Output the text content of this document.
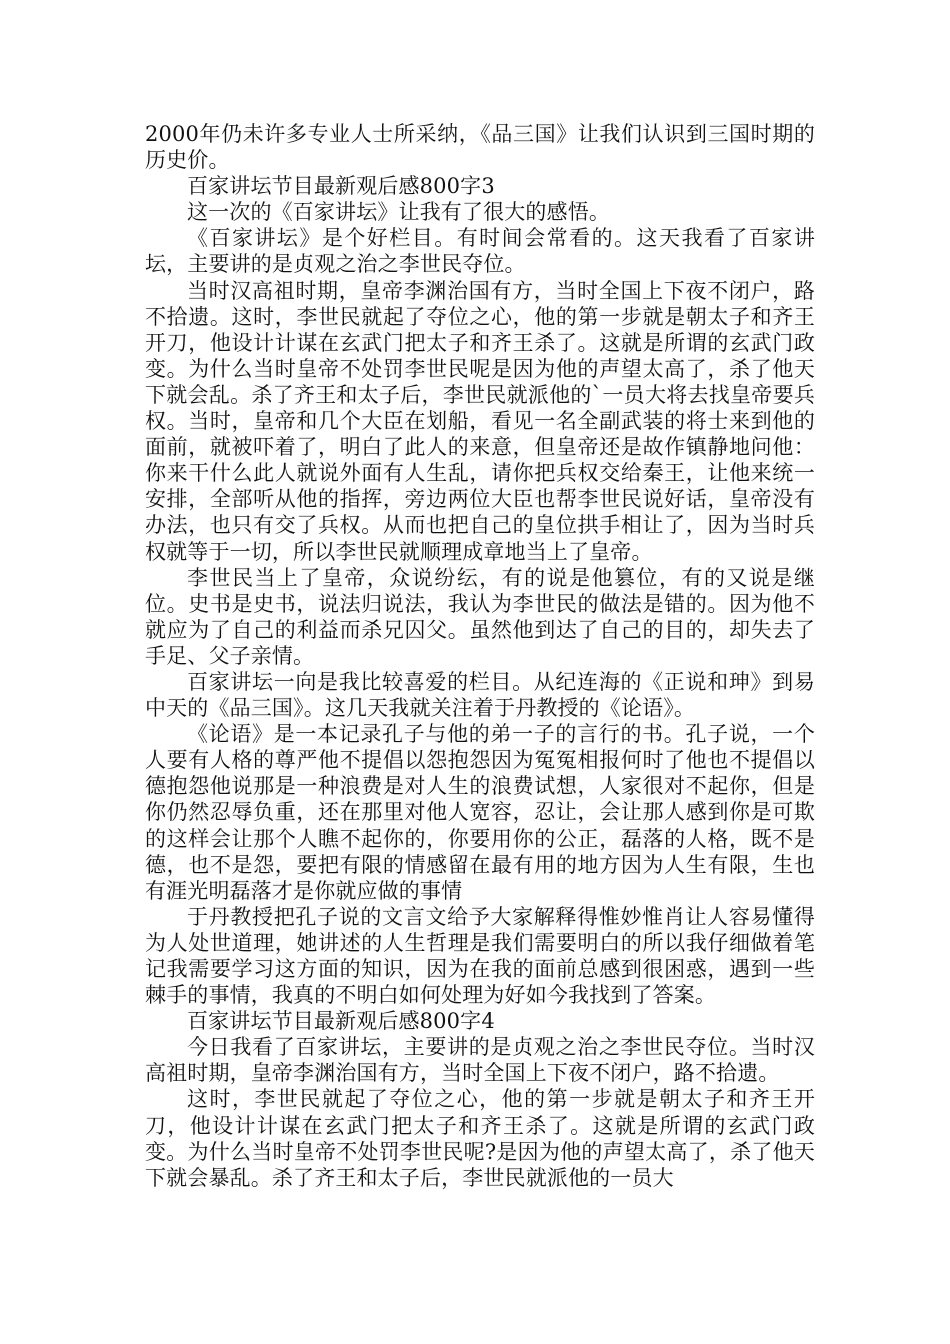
2000年仍未许多专业人士所采纳，《品三国》让我们认识到三国时期的历史价。

百家讲坛节目最新观后感800字3

这一次的《百家讲坛》让我有了很大的感悟。

《百家讲坛》是个好栏目。有时间会常看的。这天我看了百家讲坛，主要讲的是贞观之治之李世民夺位。

当时汉高祖时期，皇帝李渊治国有方，当时全国上下夜不闭户，路不拾遗。这时，李世民就起了夺位之心，他的第一步就是朝太子和齐王开刀，他设计计谋在玄武门把太子和齐王杀了。这就是所谓的玄武门政变。为什么当时皇帝不处罚李世民呢是因为他的声望太高了，杀了他天下就会乱。杀了齐王和太子后，李世民就派他的`一员大将去找皇帝要兵权。当时，皇帝和几个大臣在划船，看见一名全副武装的将士来到他的面前，就被吓着了，明白了此人的来意，但皇帝还是故作镇静地问他：你来干什么此人就说外面有人生乱，请你把兵权交给秦王，让他来统一安排，全部听从他的指挥，旁边两位大臣也帮李世民说好话，皇帝没有办法，也只有交了兵权。从而也把自己的皇位拱手相让了，因为当时兵权就等于一切，所以李世民就顺理成章地当上了皇帝。

李世民当上了皇帝，众说纷纭，有的说是他篡位，有的又说是继位。史书是史书，说法归说法，我认为李世民的做法是错的。因为他不就应为了自己的利益而杀兄囚父。虽然他到达了自己的目的，却失去了手足、父子亲情。

百家讲坛一向是我比较喜爱的栏目。从纪连海的《正说和珅》到易中天的《品三国》。这几天我就关注着于丹教授的《论语》。

《论语》是一本记录孔子与他的弟一子的言行的书。孔子说，一个人要有人格的尊严他不提倡以怨抱怨因为冤冤相报何时了他也不提倡以德抱怨他说那是一种浪费是对人生的浪费试想，人家很对不起你，但是你仍然忍辱负重，还在那里对他人宽容，忍让，会让那人感到你是可欺的这样会让那个人瞧不起你的，你要用你的公正，磊落的人格，既不是德，也不是怨，要把有限的情感留在最有用的地方因为人生有限，生也有涯光明磊落才是你就应做的事情

于丹教授把孔子说的文言文给予大家解释得惟妙惟肖让人容易懂得为人处世道理，她讲述的人生哲理是我们需要明白的所以我仔细做着笔记我需要学习这方面的知识，因为在我的面前总感到很困惑，遇到一些棘手的事情，我真的不明白如何处理为好如今我找到了答案。

百家讲坛节目最新观后感800字4

今日我看了百家讲坛，主要讲的是贞观之治之李世民夺位。当时汉高祖时期，皇帝李渊治国有方，当时全国上下夜不闭户，路不拾遗。

这时，李世民就起了夺位之心，他的第一步就是朝太子和齐王开刀，他设计计谋在玄武门把太子和齐王杀了。这就是所谓的玄武门政变。为什么当时皇帝不处罚李世民呢?是因为他的声望太高了，杀了他天下就会暴乱。杀了齐王和太子后，李世民就派他的一员大
